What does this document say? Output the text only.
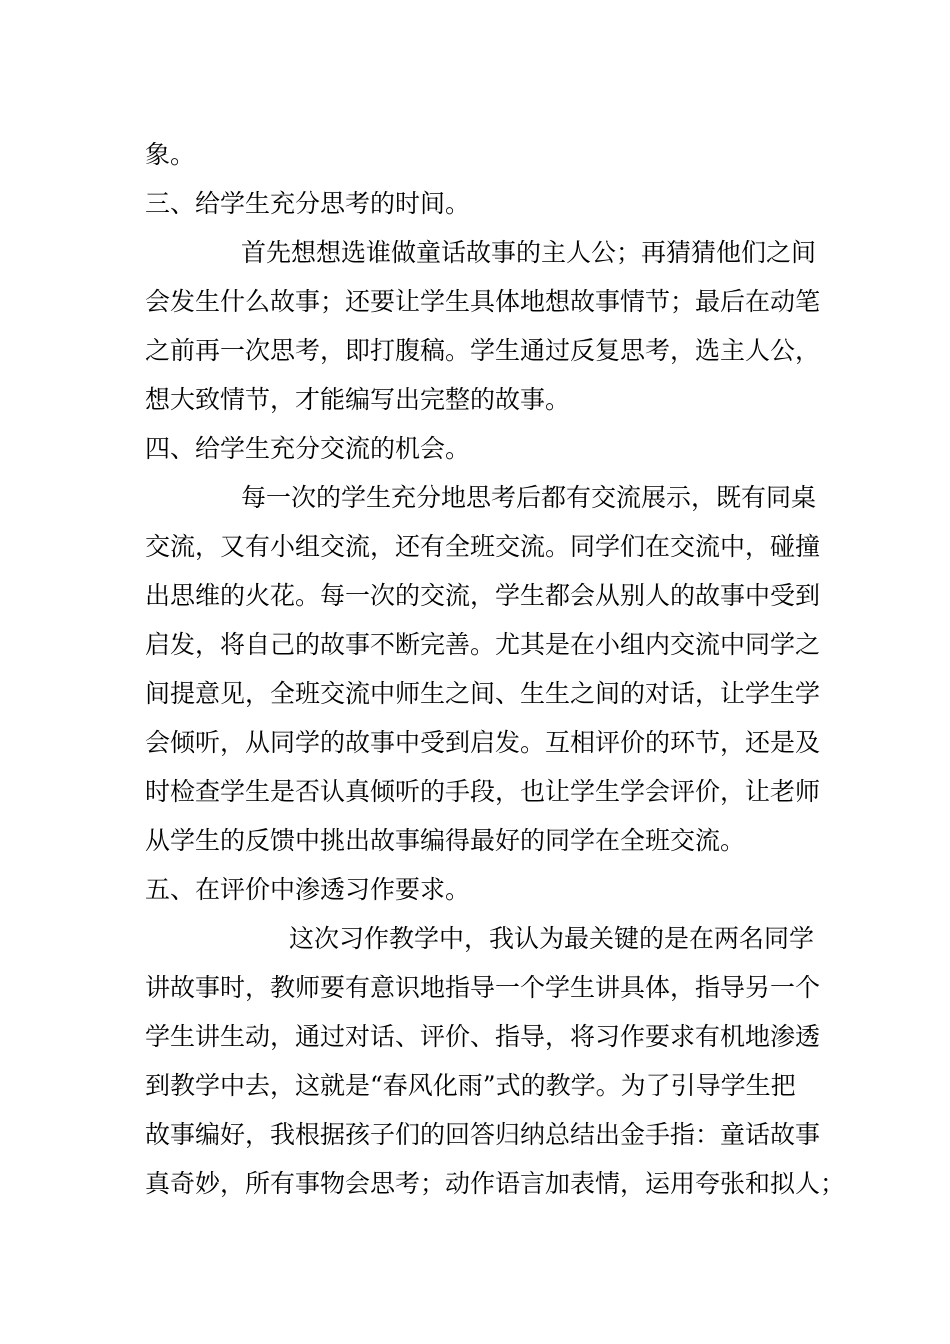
象。
三、给学生充分思考的时间。
首先想想选谁做童话故事的主人公；再猜猜他们之间
会发生什么故事；还要让学生具体地想故事情节；最后在动笔
之前再一次思考，即打腹稿。学生通过反复思考，选主人公，
想大致情节，才能编写出完整的故事。
四、给学生充分交流的机会。
每一次的学生充分地思考后都有交流展示，既有同桌
交流，又有小组交流，还有全班交流。同学们在交流中，碰撞
出思维的火花。每一次的交流，学生都会从别人的故事中受到
启发，将自己的故事不断完善。尤其是在小组内交流中同学之
间提意见，全班交流中师生之间、生生之间的对话，让学生学
会倾听，从同学的故事中受到启发。互相评价的环节，还是及
时检查学生是否认真倾听的手段，也让学生学会评价，让老师
从学生的反馈中挑出故事编得最好的同学在全班交流。
五、在评价中渗透习作要求。
这次习作教学中，我认为最关键的是在两名同学
讲故事时，教师要有意识地指导一个学生讲具体，指导另一个
学生讲生动，通过对话、评价、指导，将习作要求有机地渗透
到教学中去，这就是“春风化雨”式的教学。为了引导学生把
故事编好，我根据孩子们的回答归纳总结出金手指：童话故事
真奇妙，所有事物会思考；动作语言加表情，运用夸张和拟人；
